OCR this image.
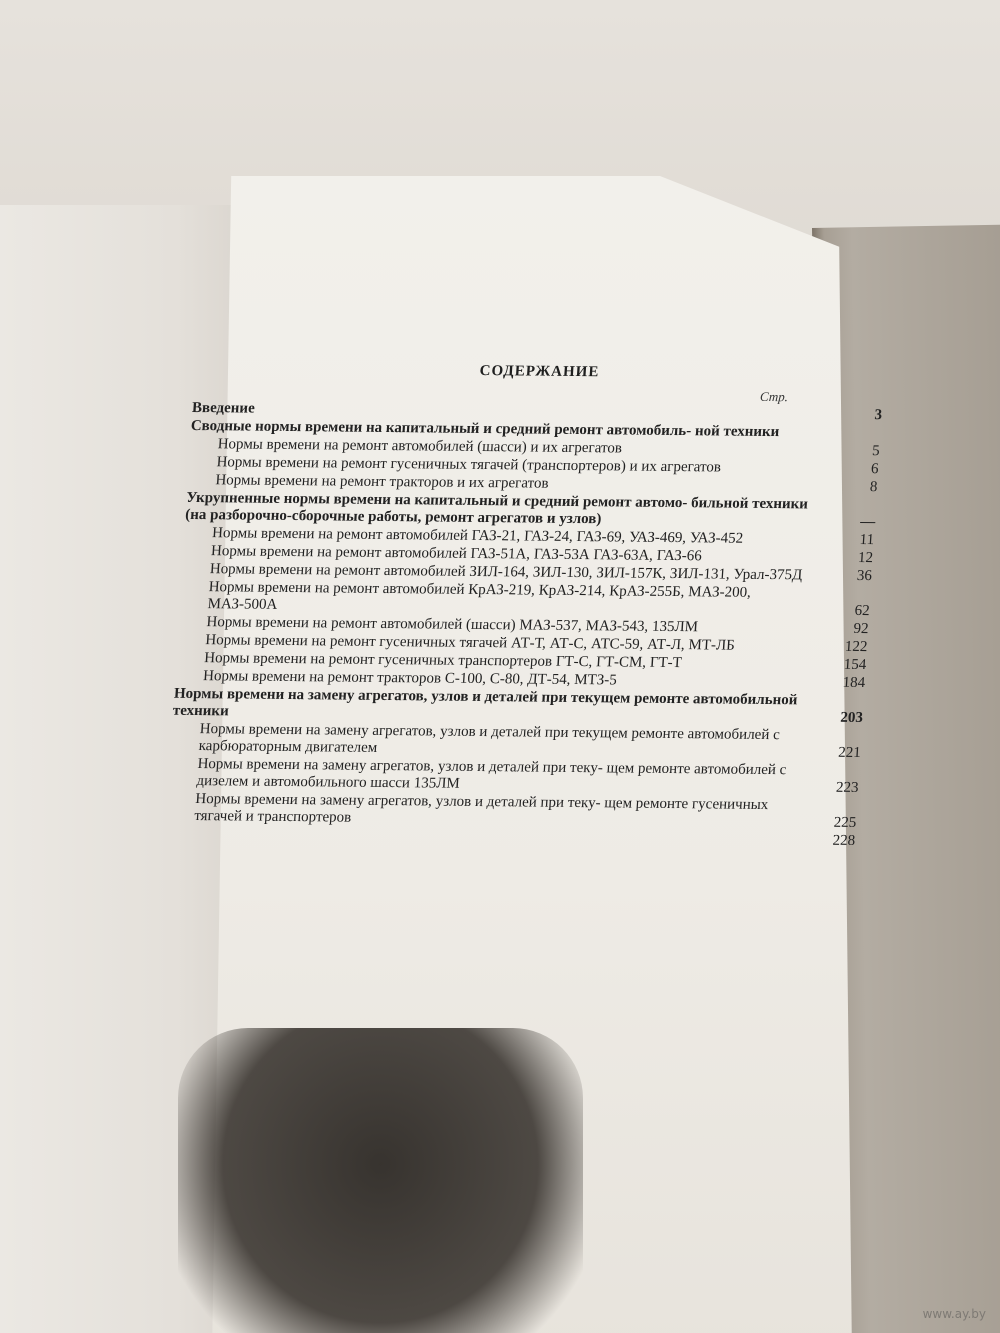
СОДЕРЖАНИЕ
Стр.
Введение	3
Сводные нормы времени на капитальный и средний ремонт автомобиль- ной техники
Нормы времени на ремонт автомобилей (шасси) и их агрегатов	5
Нормы времени на ремонт гусеничных тягачей (транспортеров) и их агрегатов	6
Нормы времени на ремонт тракторов и их агрегатов	8
Укрупненные нормы времени на капитальный и средний ремонт автомо- бильной техники (на разборочно-сборочные работы, ремонт агрегатов и узлов)	—
Нормы времени на ремонт автомобилей ГАЗ-21, ГАЗ-24, ГАЗ-69, УАЗ-469, УАЗ-452	11
Нормы времени на ремонт автомобилей ГАЗ-51А, ГАЗ-53А ГАЗ-63А, ГАЗ-66	12
Нормы времени на ремонт автомобилей ЗИЛ-164, ЗИЛ-130, ЗИЛ-157К, ЗИЛ-131, Урал-375Д	36
Нормы времени на ремонт автомобилей КрАЗ-219, КрАЗ-214, КрАЗ-255Б, МАЗ-200, МАЗ-500А	62
Нормы времени на ремонт автомобилей (шасси) МАЗ-537, МАЗ-543, 135ЛМ	92
Нормы времени на ремонт гусеничных тягачей АТ-Т, АТ-С, АТС-59, АТ-Л, МТ-ЛБ	122
Нормы времени на ремонт гусеничных транспортеров ГТ-С, ГТ-СМ, ГТ-Т	154
Нормы времени на ремонт тракторов С-100, С-80, ДТ-54, МТЗ-5	184
Нормы времени на замену агрегатов, узлов и деталей при текущем ремонте автомобильной техники	203
Нормы времени на замену агрегатов, узлов и деталей при текущем ремонте автомобилей с карбюраторным двигателем	221
Нормы времени на замену агрегатов, узлов и деталей при теку- щем ремонте автомобилей с дизелем и автомобильного шасси 135ЛМ	223
Нормы времени на замену агрегатов, узлов и деталей при теку- щем ремонте гусеничных тягачей и транспортеров	225
228
www.ay.by
